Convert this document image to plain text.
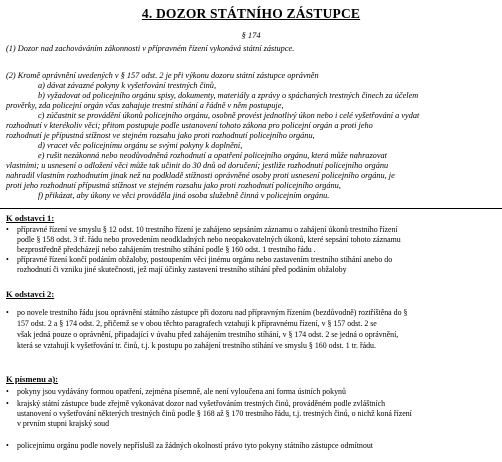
4. DOZOR STÁTNÍHO ZÁSTUPCE
§ 174
(1) Dozor nad zachováváním zákonnosti v přípravném řízení vykonává státní zástupce.
(2) Kromě oprávnění uvedených v § 157 odst. 2 je při výkonu dozoru státní zástupce oprávněn
a) dávat závazné pokyny k vyšetřování trestných činů,
b) vyžadovat od policejního orgánu spisy, dokumenty, materiály a zprávy o spáchaných trestných činech za účelem
prověrky, zda policejní orgán včas zahajuje trestní stíhání a řádně v něm postupuje,
c) zúčastnit se provádění úkonů policejního orgánu, osobně provést jednotlivý úkon nebo i celé vyšetřování a vydat
rozhodnutí v kterékoliv věci; přitom postupuje podle ustanovení tohoto zákona pro policejní orgán a proti jeho
rozhodnutí je přípustná stížnost ve stejném rozsahu jako proti rozhodnutí policejního orgánu,
d) vracet věc policejnímu orgánu se svými pokyny k doplnění,
e) rušit nezákonná nebo neodůvodněná rozhodnutí a opatření policejního orgánu, která může nahrazovat
vlastními; u usnesení o odložení věci může tak učinit do 30 dnů od doručení; jestliže rozhodnutí policejního orgánu
nahradil vlastním rozhodnutím jinak než na podkladě stížnosti oprávněné osoby proti usnesení policejního orgánu, je
proti jeho rozhodnutí přípustná stížnost ve stejném rozsahu jako proti rozhodnutí policejního orgánu,
f) přikázat, aby úkony ve věci prováděla jiná osoba služebně činná v policejním orgánu.
K odstavci 1:
• přípravné řízení ve smyslu § 12 odst. 10 trestního řízení je zahájeno sepsáním záznamu o zahájení úkonů trestního řízení
podle § 158 odst. 3 tř. řádu nebo provedením neodkladných nebo neopakovatelných úkonů, které sepsání tohoto záznamu
bezprostředně předcházejí nebo zahájením trestního stíhání podle § 160 odst. 1 trestního řádu .
• přípravné řízení končí podáním obžaloby, postoupením věci jinému orgánu nebo zastavením trestního stíhání anebo do
rozhodnutí či vzniku jiné skutečnosti, jež mají účinky zastavení trestního stíhání před podáním obžaloby
K odstavci 2:
• po novele trestního řádu jsou oprávnění státního zástupce při dozoru nad přípravným řízením (bezdůvodně) roztříštěna do §
157 odst. 2 a § 174 odst. 2, přičemž se v obou těchto paragrafech vztahují k přípravnému řízení, v § 157 odst. 2 se
však jedná pouze o oprávnění, připadající v úvahu před zahájením trestního stíhání, v § 174 odst. 2 se jedná o oprávnění,
která se vztahují k vyšetřování tr. činů, t.j. k postupu po zahájení trestního stíhání ve smyslu § 160 odst. 1 tr. řádu.
K písmenu a):
• pokyny jsou vydávány formou opatření, zejména písemně, ale není vyloučena ani forma ústních pokynů
• krajský státní zástupce bude zřejmě vykonávat dozor nad vyšetřováním trestných činů, prováděném podle zvláštních
ustanovení o vyšetřování některých trestných činů podle § 168 až § 170 trestního řádu, t.j. trestných činů, o nichž koná řízení
v prvním stupni krajský soud
• policejnímu orgánu podle novely nepříslušl za žádných okolností právo tyto pokyny státního zástupce odmítnout
